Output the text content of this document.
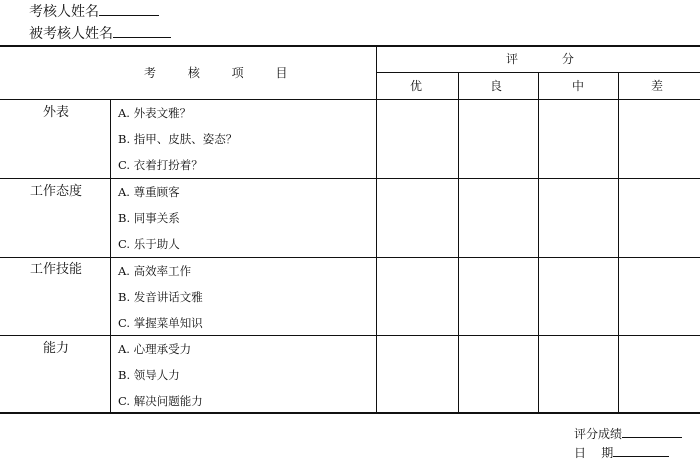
考核人姓名
被考核人姓名
考 核 项 目
评 分
优	良	中	差
外表	A. 外表文雅？
B. 指甲、皮肤、姿态？
C. 衣着打扮着？
工作态度	A. 尊重顾客
B. 同事关系
C. 乐于助人
工作技能	A. 高效率工作
B. 发音讲话文雅
C. 掌握菜单知识
能力	A. 心理承受力
B. 领导人力
C. 解决问题能力
评分成绩
日    期
